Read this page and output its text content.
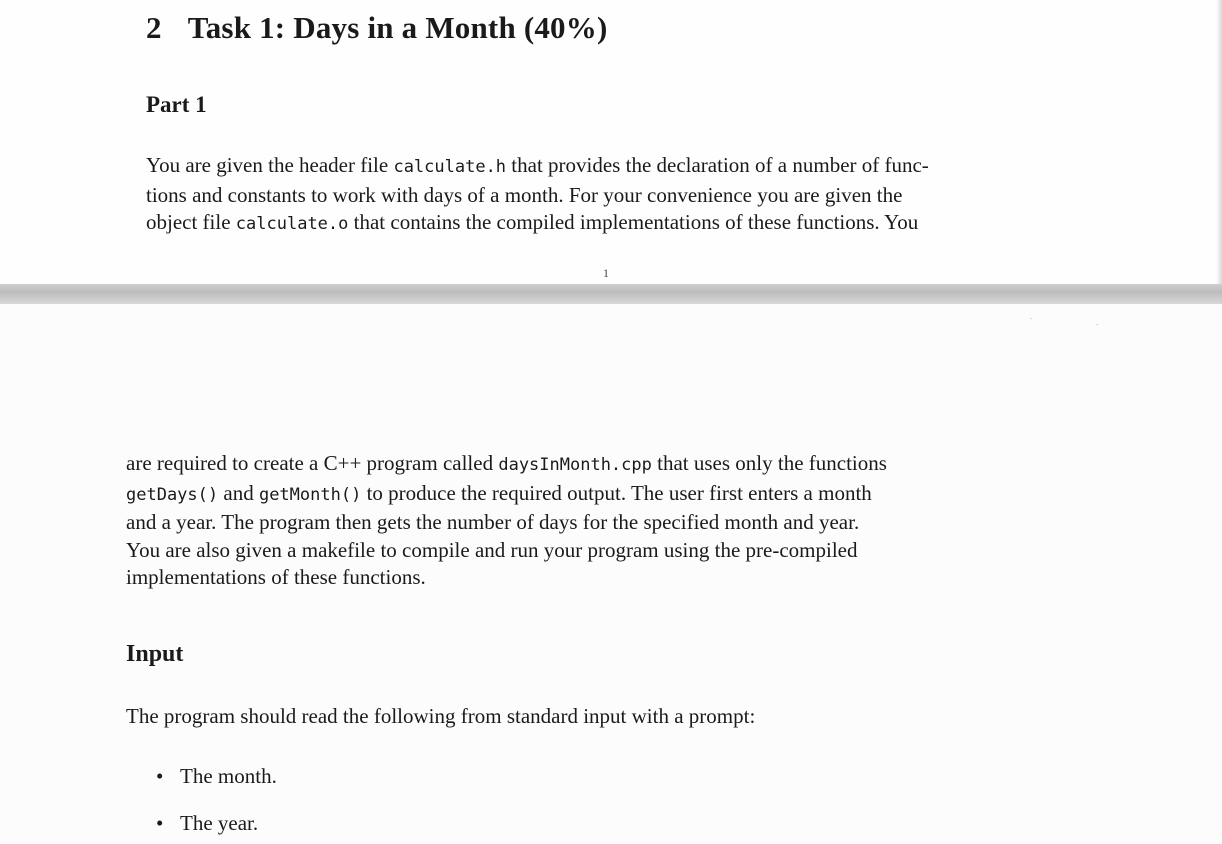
2 Task 1: Days in a Month (40%)
Part 1
You are given the header file calculate.h that provides the declaration of a number of func-
tions and constants to work with days of a month. For your convenience you are given the
object file calculate.o that contains the compiled implementations of these functions. You
1
are required to create a C++ program called daysInMonth.cpp that uses only the functions
getDays() and getMonth() to produce the required output. The user first enters a month
and a year. The program then gets the number of days for the specified month and year.
You are also given a makefile to compile and run your program using the pre-compiled
implementations of these functions.
Input
The program should read the following from standard input with a prompt:
• The month.
• The year.
